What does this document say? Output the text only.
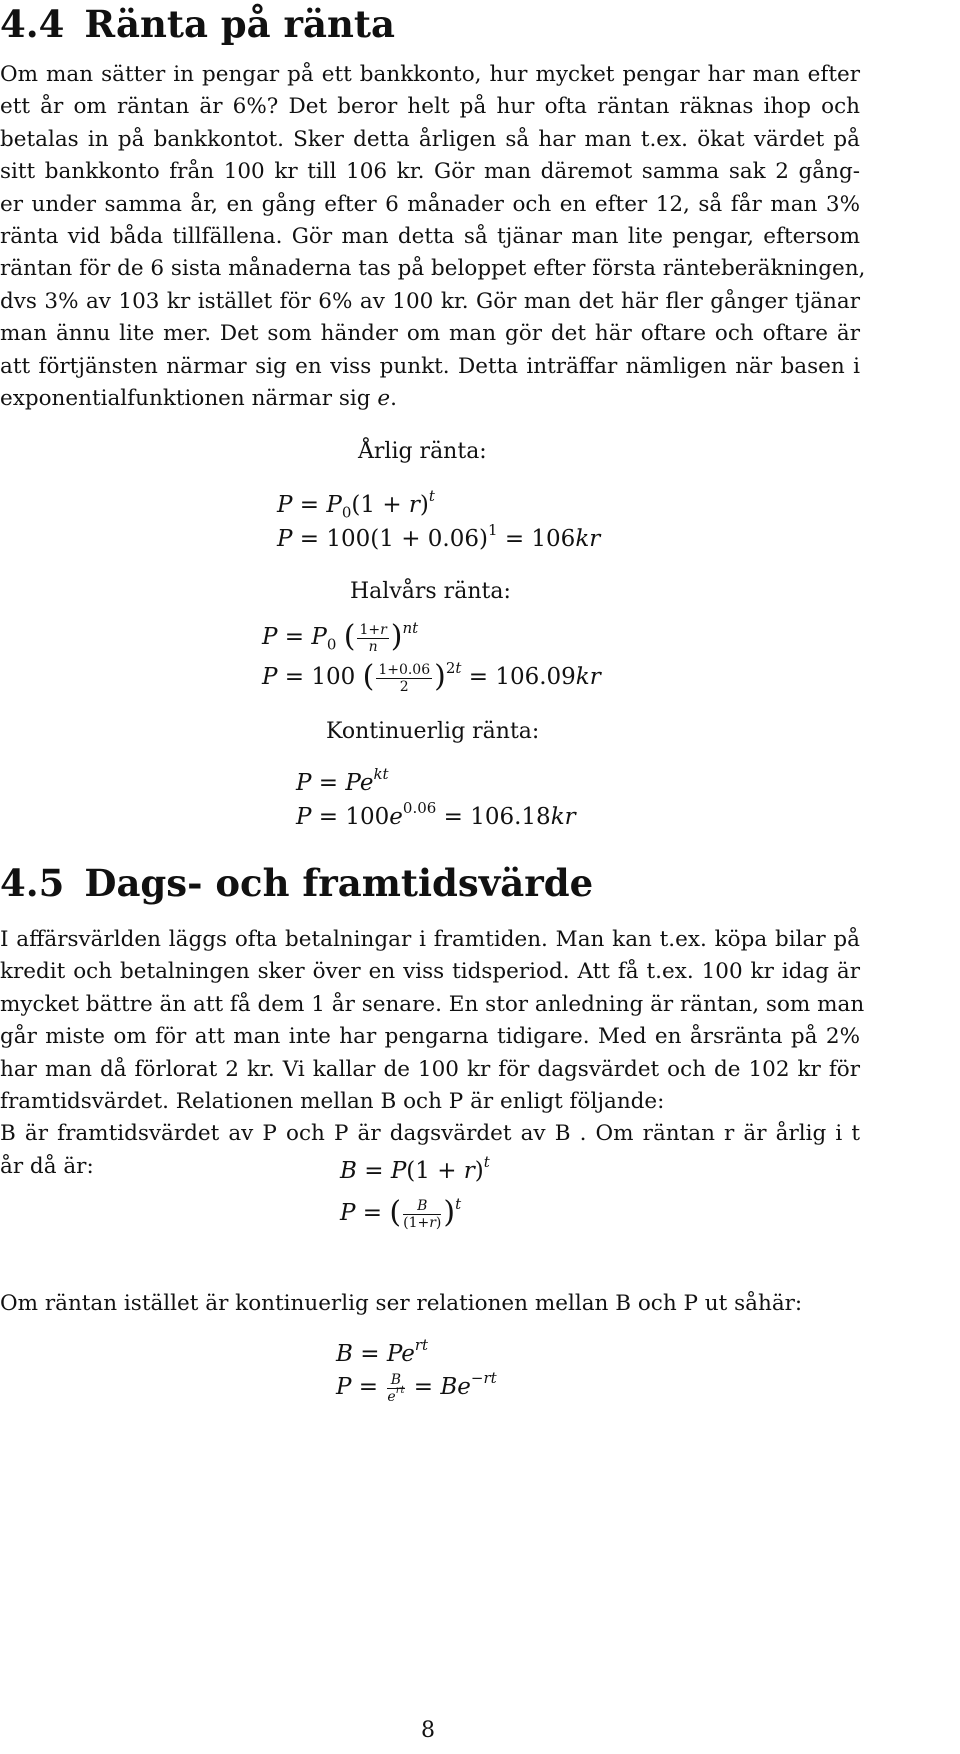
4.4 Ränta på ränta
Om man sätter in pengar på ett bankkonto, hur mycket pengar har man efter
ett år om räntan är 6%? Det beror helt på hur ofta räntan räknas ihop och
betalas in på bankkontot. Sker detta årligen så har man t.ex. ökat värdet på
sitt bankkonto från 100 kr till 106 kr. Gör man däremot samma sak 2 gång-
er under samma år, en gång efter 6 månader och en efter 12, så får man 3%
ränta vid båda tillfällena. Gör man detta så tjänar man lite pengar, eftersom
räntan för de 6 sista månaderna tas på beloppet efter första ränteberäkningen,
dvs 3% av 103 kr istället för 6% av 100 kr. Gör man det här fler gånger tjänar
man ännu lite mer. Det som händer om man gör det här oftare och oftare är
att förtjänsten närmar sig en viss punkt. Detta inträffar nämligen när basen i
exponentialfunktionen närmar sig e.
Årlig ränta:
$P = P_0(1 + r)^t$
$P = 100(1 + 0.06)^1 = 106kr$
Halvårs ränta:
$P = P_0$ ( $\frac{1+r}{n} )^{nt}$
P = 100 ( $\frac{1+0.06}{2} )^{2t} = 106.09kr$
Kontinuerlig ränta:
$P = Pe^{kt}$
$P = 100e^{0.06} = 106.18kr$
4.5 Dags- och framtidsvärde
I affärsvärlden läggs ofta betalningar i framtiden. Man kan t.ex. köpa bilar på
kredit och betalningen sker över en viss tidsperiod. Att få t.ex. 100 kr idag är
mycket bättre än att få dem 1 år senare. En stor anledning är räntan, som man
går miste om för att man inte har pengarna tidigare. Med en årsränta på 2%
har man då förlorat 2 kr. Vi kallar de 100 kr för dagsvärdet och de 102 kr för
framtidsvärdet. Relationen mellan B och P är enligt följande:
B är framtidsvärdet av P och P är dagsvärdet av B . Om räntan r är årlig i t
år då är:	$B = P(1 + r)^t$
P = ( $\frac{B}{(1+r)} )^t$
Om räntan istället är kontinuerlig ser relationen mellan B och P ut såhär:
$B = Pe^{rt}$
$P = \frac{B}{e^{rt}} = Be^{-rt}$
8
